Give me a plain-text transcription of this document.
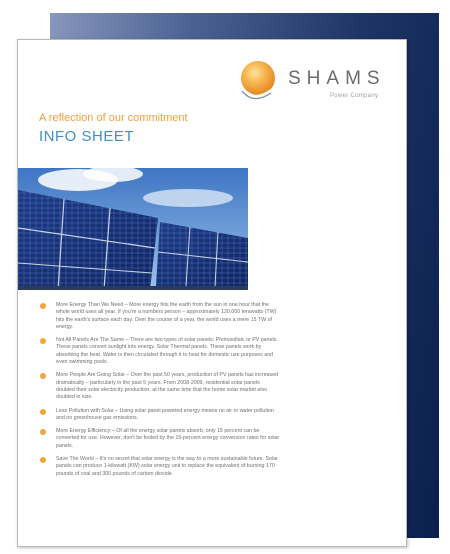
SHAMS
Power Company
A reflection of our commitment
INFO SHEET
More Energy Than We Need – More energy hits the earth from the sun in one hour that the whole world uses all year. If you're a numbers person – approximately 120,000 terawatts (TW) hits the earth's surface each day. Over the course of a year, the world uses a mere 15 TW of energy.
Not All Panels Are The Same – There are two types of solar panels: Photovoltaic or PV panels. These panels convert sunlight into energy. Solar Thermal panels. These panels work by absorbing the heat. Water is then circulated through it to heat for domestic use purposes and even swimming pools.
More People Are Going Solar – Over the past 50 years, production of PV panels has increased dramatically – particularly in the past 5 years. From 2008-2009, residential solar panels doubled their solar electricity production, at the same time that the home solar market also doubled in size.
Less Pollution with Solar – Using solar panel powered energy means no air or water pollution and no greenhouse gas emissions.
More Energy Efficiency – Of all the energy solar panels absorb, only 15 percent can be converted for use. However, don't be fooled by the 15-percent energy conversion rates for solar panels.
Save The World – It's no secret that solar energy is the way to a more sustainable future. Solar panels can produce 1-kilowatt (KW) solar energy unit to replace the equivalent of burning 170 pounds of coal and 300 pounds of carbon dioxide.
